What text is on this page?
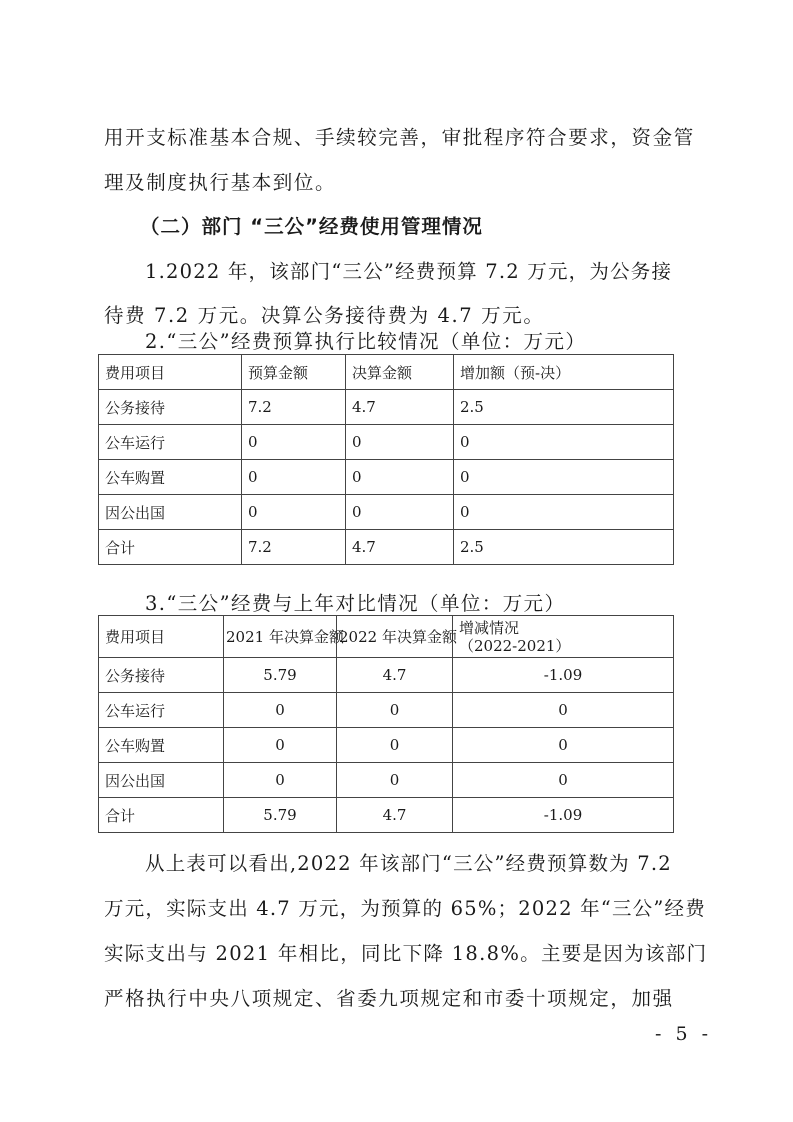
用开支标准基本合规、手续较完善，审批程序符合要求，资金管
理及制度执行基本到位。
（二）部门 “三公”经费使用管理情况
1.2022 年，该部门“三公”经费预算 7.2 万元，为公务接
待费 7.2 万元。决算公务接待费为 4.7 万元。
2.“三公”经费预算执行比较情况（单位：万元）
费用项目	预算金额	决算金额	增加额（预-决）
公务接待	7.2	4.7	2.5
公车运行	0	0	0
公车购置	0	0	0
因公出国	0	0	0
合计	7.2	4.7	2.5
3.“三公”经费与上年对比情况（单位：万元）
费用项目	2021 年决算金额	2022 年决算金额	增减情况
（2022-2021）

公务接待	5.79	4.7	-1.09
公车运行	0	0	0
公车购置	0	0	0
因公出国	0	0	0
合计	5.79	4.7	-1.09
从上表可以看出,2022 年该部门“三公”经费预算数为 7.2
万元，实际支出 4.7 万元，为预算的 65%；2022 年“三公”经费
实际支出与 2021 年相比，同比下降 18.8%。主要是因为该部门
严格执行中央八项规定、省委九项规定和市委十项规定，加强
- 5 -
